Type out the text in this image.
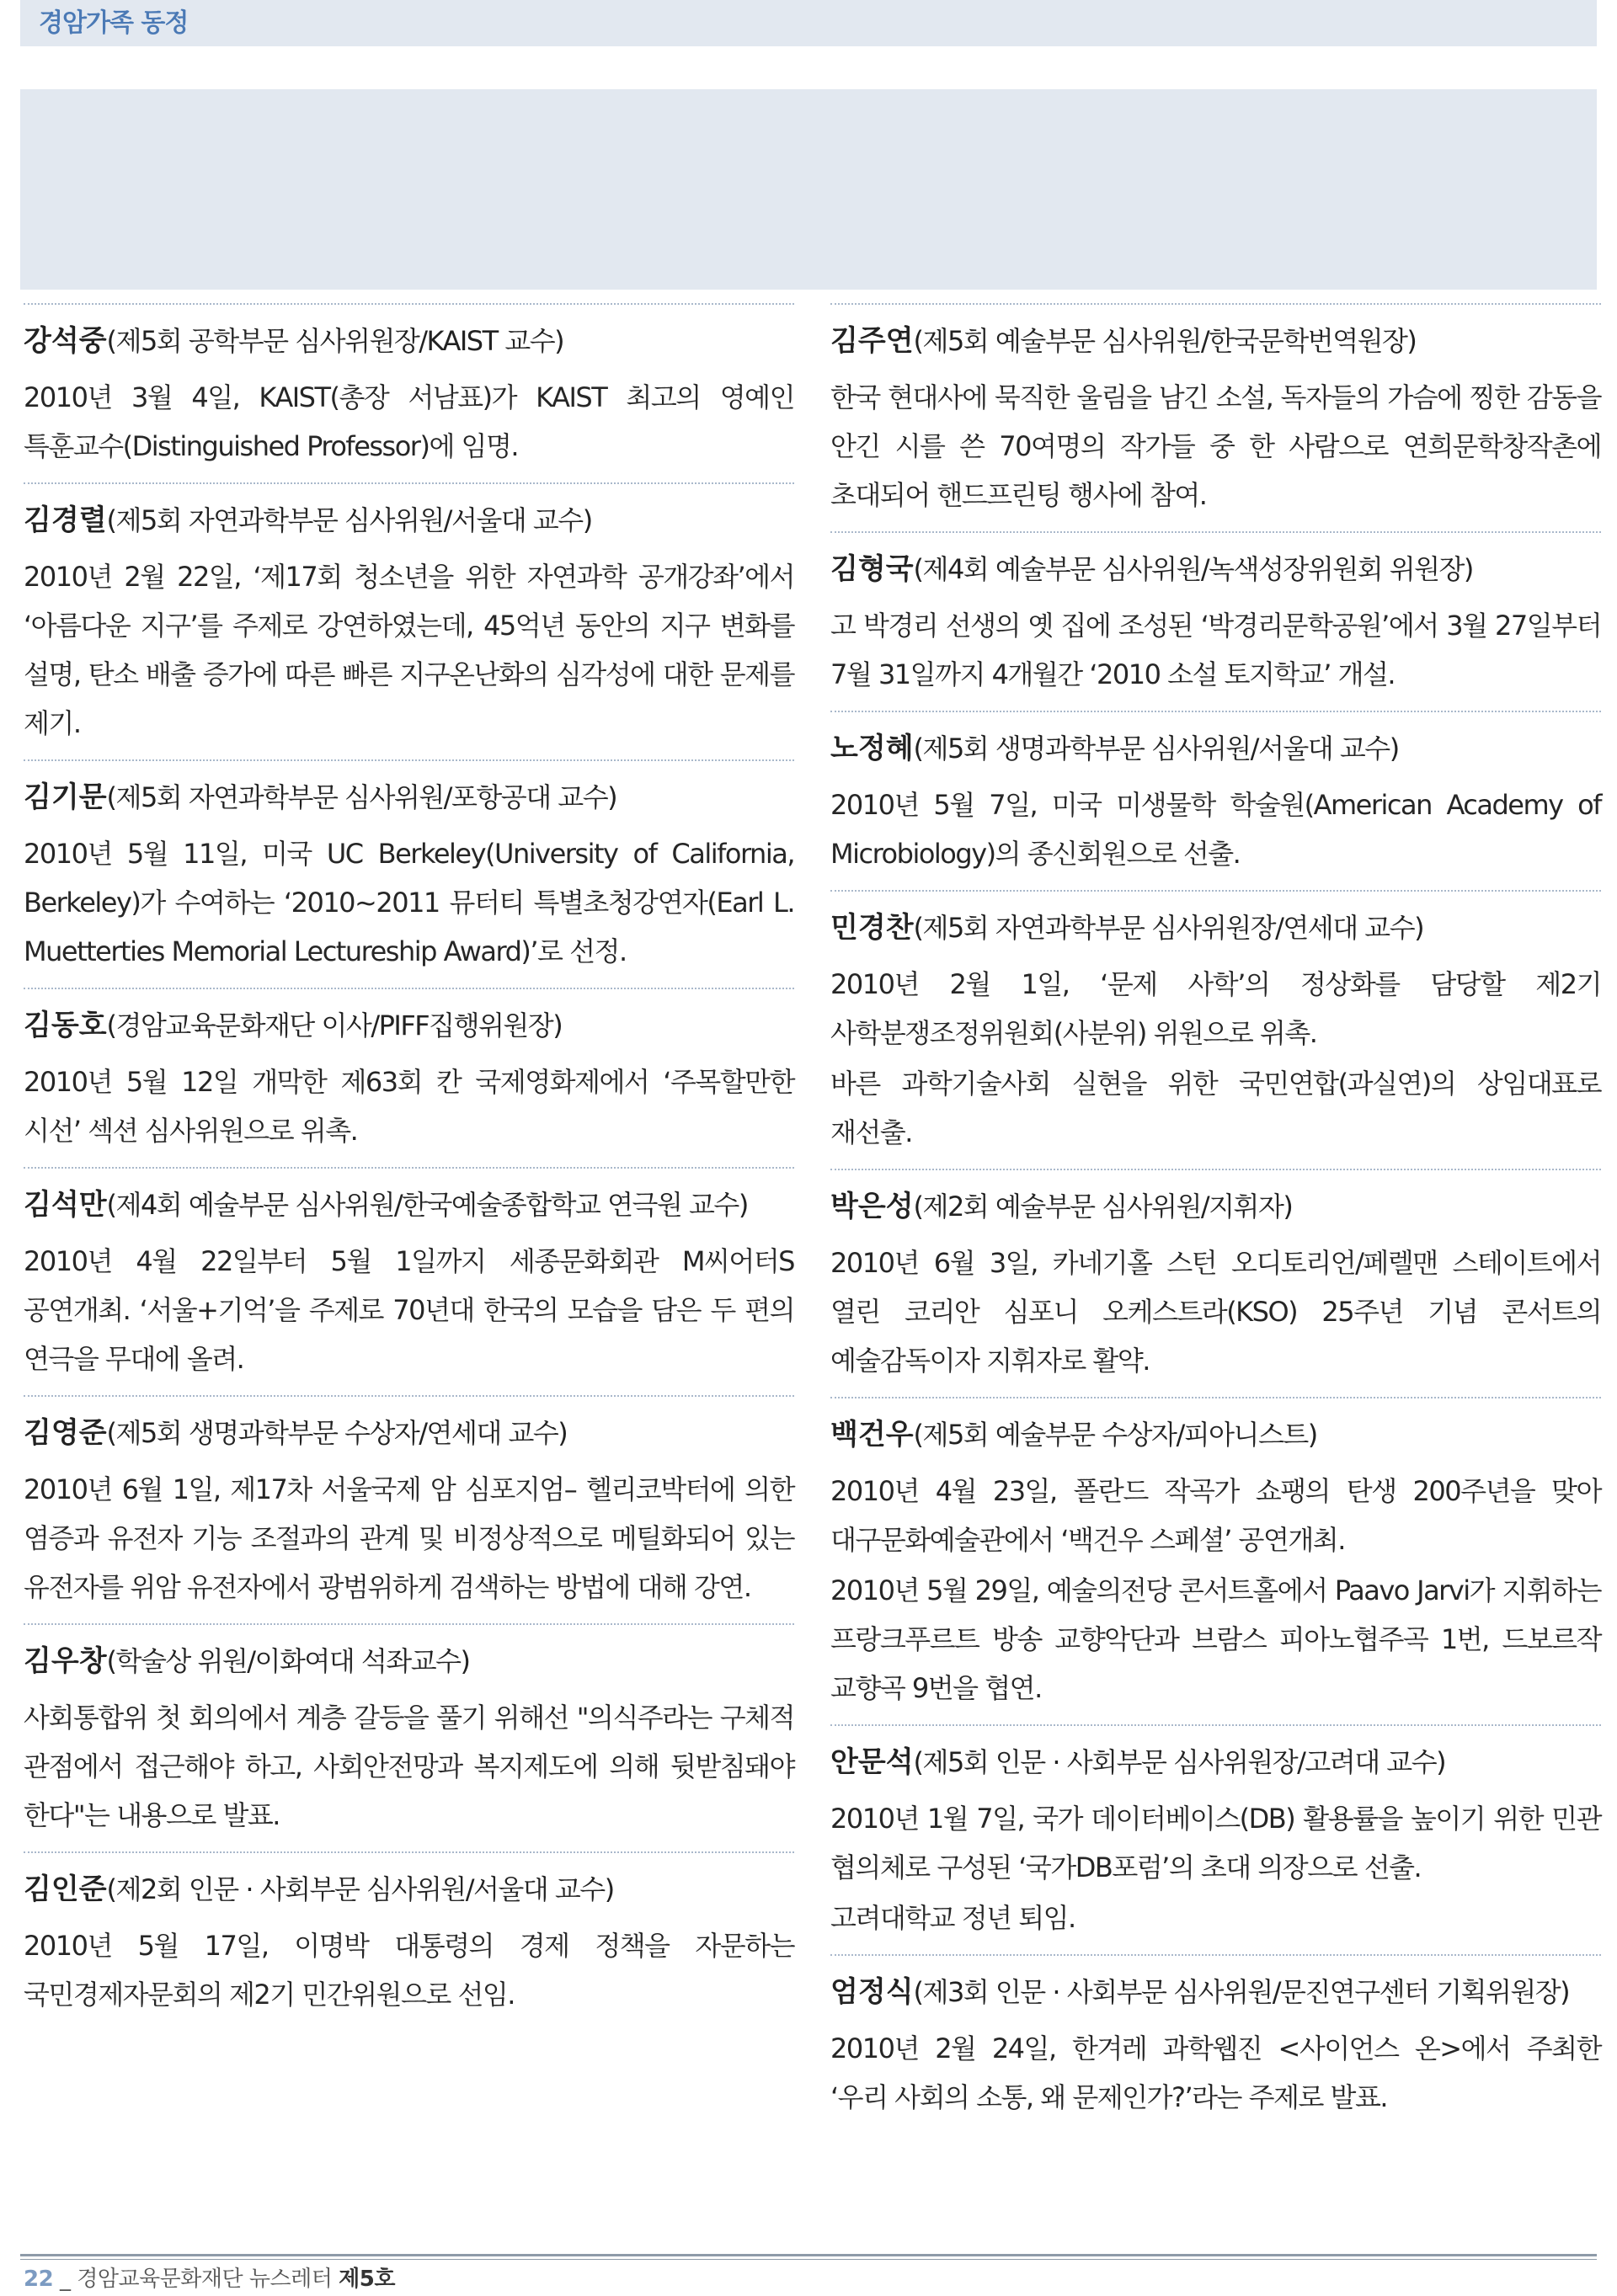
경암가족 동정
강석중(제5회 공학부문 심사위원장/KAIST 교수)
2010년 3월 4일, KAIST(총장 서남표)가 KAIST 최고의 영예인 특훈교수(Distinguished Professor)에 임명.
김경렬(제5회 자연과학부문 심사위원/서울대 교수)
2010년 2월 22일, ‘제17회 청소년을 위한 자연과학 공개강좌’에서 ‘아름다운 지구’를 주제로 강연하였는데, 45억년 동안의 지구 변화를 설명, 탄소 배출 증가에 따른 빠른 지구온난화의 심각성에 대한 문제를 제기.
김기문(제5회 자연과학부문 심사위원/포항공대 교수)
2010년 5월 11일, 미국 UC Berkeley(University of California, Berkeley)가 수여하는 ‘2010~2011 뮤터티 특별초청강연자(Earl L. Muetterties Memorial Lectureship Award)’로 선정.
김동호(경암교육문화재단 이사/PIFF집행위원장)
2010년 5월 12일 개막한 제63회 칸 국제영화제에서 ‘주목할만한 시선’ 섹션 심사위원으로 위촉.
김석만(제4회 예술부문 심사위원/한국예술종합학교 연극원 교수)
2010년 4월 22일부터 5월 1일까지 세종문화회관 M씨어터S 공연개최. ‘서울+기억’을 주제로 70년대 한국의 모습을 담은 두 편의 연극을 무대에 올려.
김영준(제5회 생명과학부문 수상자/연세대 교수)
2010년 6월 1일, 제17차 서울국제 암 심포지엄– 헬리코박터에 의한 염증과 유전자 기능 조절과의 관계 및 비정상적으로 메틸화되어 있는 유전자를 위암 유전자에서 광범위하게 검색하는 방법에 대해 강연.
김우창(학술상 위원/이화여대 석좌교수)
사회통합위 첫 회의에서 계층 갈등을 풀기 위해선 "의식주라는 구체적 관점에서 접근해야 하고, 사회안전망과 복지제도에 의해 뒷받침돼야 한다"는 내용으로 발표.
김인준(제2회 인문 · 사회부문 심사위원/서울대 교수)
2010년 5월 17일, 이명박 대통령의 경제 정책을 자문하는 국민경제자문회의 제2기 민간위원으로 선임.
김주연(제5회 예술부문 심사위원/한국문학번역원장)
한국 현대사에 묵직한 울림을 남긴 소설, 독자들의 가슴에 찡한 감동을 안긴 시를 쓴 70여명의 작가들 중 한 사람으로 연희문학창작촌에 초대되어 핸드프린팅 행사에 참여.
김형국(제4회 예술부문 심사위원/녹색성장위원회 위원장)
고 박경리 선생의 옛 집에 조성된 ‘박경리문학공원’에서 3월 27일부터 7월 31일까지 4개월간 ‘2010 소설 토지학교’ 개설.
노정혜(제5회 생명과학부문 심사위원/서울대 교수)
2010년 5월 7일, 미국 미생물학 학술원(American Academy of Microbiology)의 종신회원으로 선출.
민경찬(제5회 자연과학부문 심사위원장/연세대 교수)
2010년 2월 1일, ‘문제 사학’의 정상화를 담당할 제2기 사학분쟁조정위원회(사분위) 위원으로 위촉.
바른 과학기술사회 실현을 위한 국민연합(과실연)의 상임대표로 재선출.
박은성(제2회 예술부문 심사위원/지휘자)
2010년 6월 3일, 카네기홀 스턴 오디토리언/페렐맨 스테이트에서 열린 코리안 심포니 오케스트라(KSO) 25주년 기념 콘서트의 예술감독이자 지휘자로 활약.
백건우(제5회 예술부문 수상자/피아니스트)
2010년 4월 23일, 폴란드 작곡가 쇼팽의 탄생 200주년을 맞아 대구문화예술관에서 ‘백건우 스페셜’ 공연개최.
2010년 5월 29일, 예술의전당 콘서트홀에서 Paavo Jarvi가 지휘하는 프랑크푸르트 방송 교향악단과 브람스 피아노협주곡 1번, 드보르작 교향곡 9번을 협연.
안문석(제5회 인문 · 사회부문 심사위원장/고려대 교수)
2010년 1월 7일, 국가 데이터베이스(DB) 활용률을 높이기 위한 민관 협의체로 구성된 ‘국가DB포럼’의 초대 의장으로 선출.
고려대학교 정년 퇴임.
엄정식(제3회 인문 · 사회부문 심사위원/문진연구센터 기획위원장)
2010년 2월 24일, 한겨레 과학웹진 <사이언스 온>에서 주최한 ‘우리 사회의 소통, 왜 문제인가?’라는 주제로 발표.
22 _ 경암교육문화재단 뉴스레터 제5호
